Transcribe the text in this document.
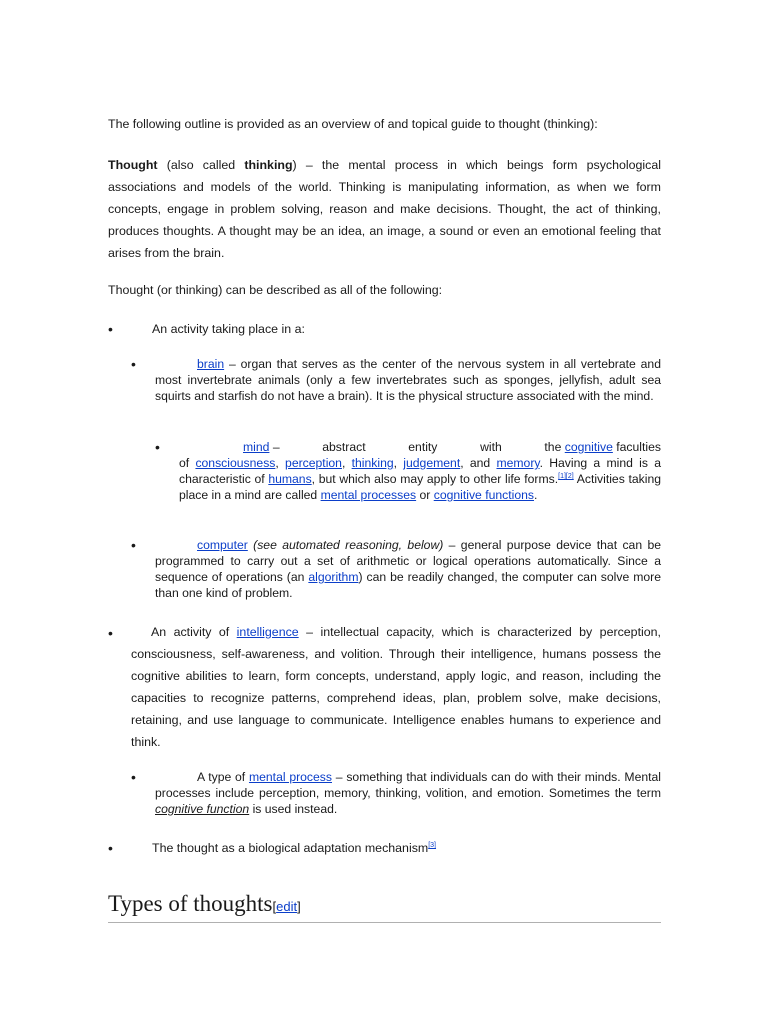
The following outline is provided as an overview of and topical guide to thought (thinking):
Thought (also called thinking) – the mental process in which beings form psychological associations and models of the world. Thinking is manipulating information, as when we form concepts, engage in problem solving, reason and make decisions. Thought, the act of thinking, produces thoughts. A thought may be an idea, an image, a sound or even an emotional feeling that arises from the brain.
Thought (or thinking) can be described as all of the following:
•	An activity taking place in a:
•	brain – organ that serves as the center of the nervous system in all vertebrate and most invertebrate animals (only a few invertebrates such as sponges, jellyfish, adult sea squirts and starfish do not have a brain). It is the physical structure associated with the mind.
•	mind –	abstract	entity	with	the cognitive faculties
of consciousness, perception, thinking, judgement, and memory. Having a mind is a characteristic of humans, but which also may apply to other life forms.[1][2] Activities taking place in a mind are called mental processes or cognitive functions.
•	computer (see automated reasoning, below) – general purpose device that can be programmed to carry out a set of arithmetic or logical operations automatically. Since a sequence of operations (an algorithm) can be readily changed, the computer can solve more than one kind of problem.
•	An activity of intelligence – intellectual capacity, which is characterized by perception, consciousness, self-awareness, and volition. Through their intelligence, humans possess the cognitive abilities to learn, form concepts, understand, apply logic, and reason, including the capacities to recognize patterns, comprehend ideas, plan, problem solve, make decisions, retaining, and use language to communicate. Intelligence enables humans to experience and think.
•	A type of mental process – something that individuals can do with their minds. Mental processes include perception, memory, thinking, volition, and emotion. Sometimes the term cognitive function is used instead.
•	The thought as a biological adaptation mechanism[3]
Types of thoughts[edit]
